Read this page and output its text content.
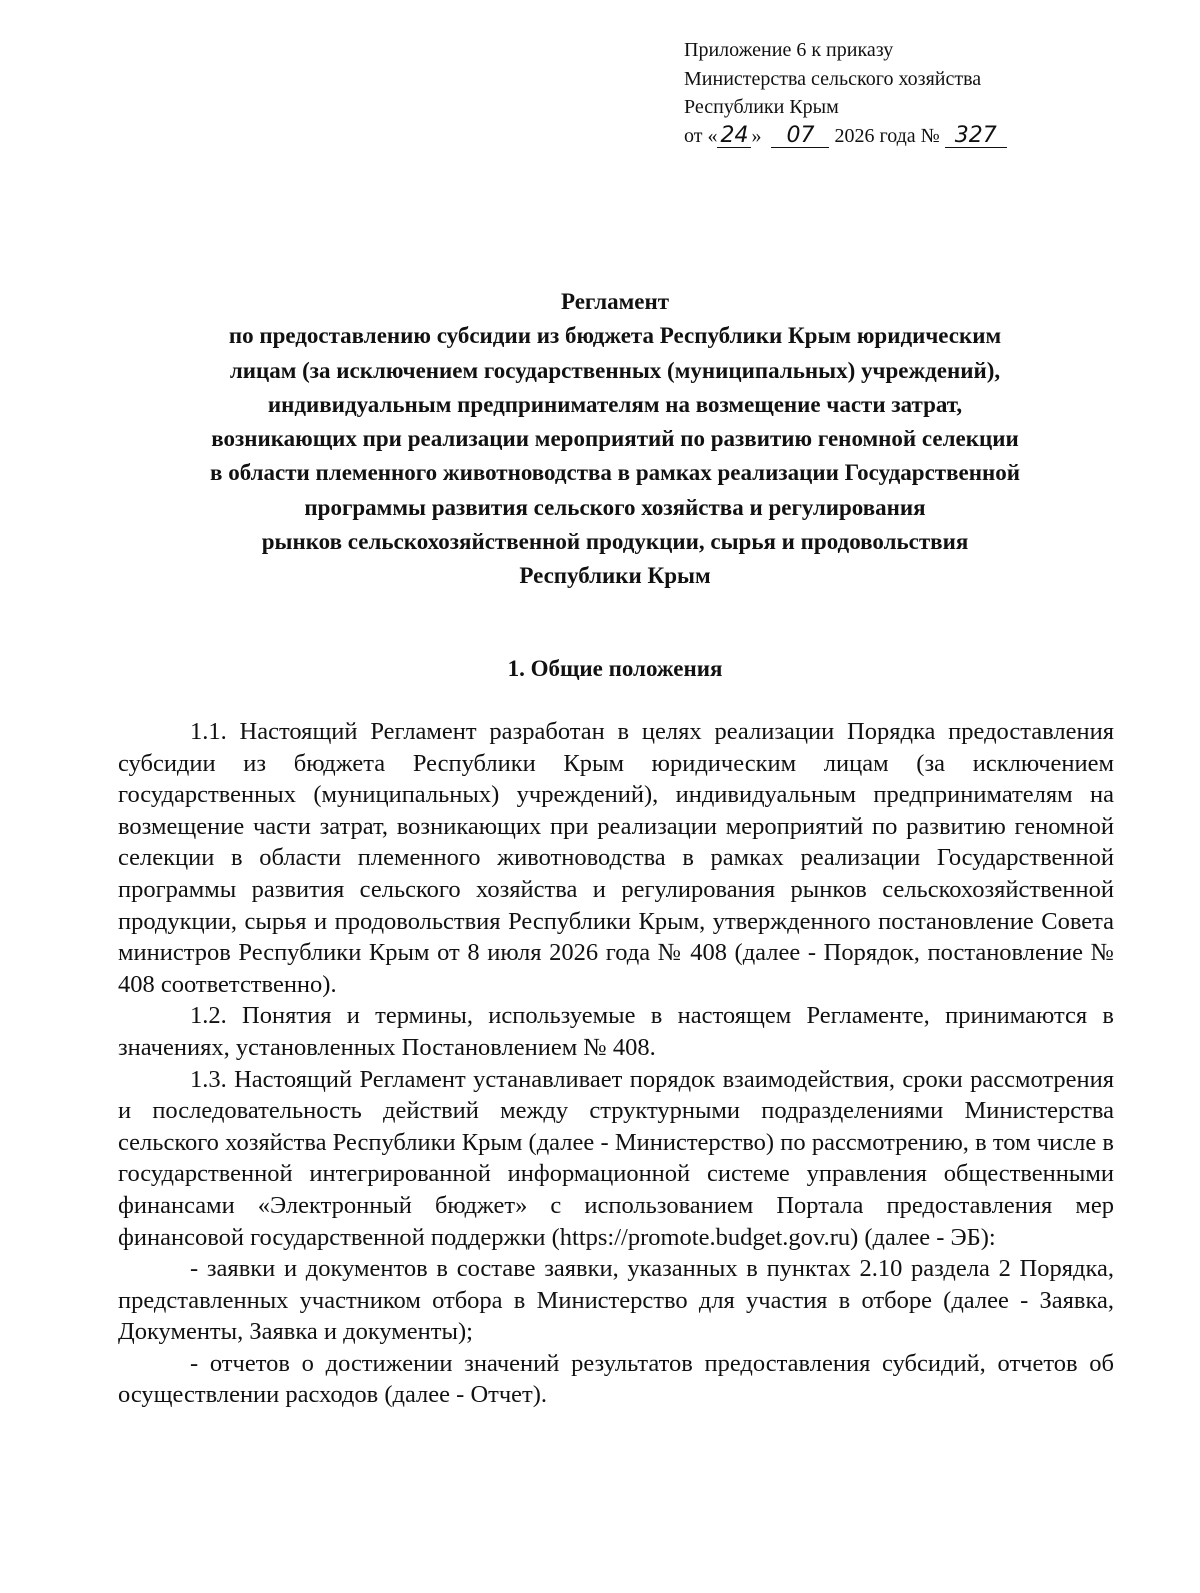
Приложение 6 к приказу
Министерства сельского хозяйства
Республики Крым
от « 24 » 07 2026 года № 327
Регламент
по предоставлению субсидии из бюджета Республики Крым юридическим
лицам (за исключением государственных (муниципальных) учреждений),
индивидуальным предпринимателям на возмещение части затрат,
возникающих при реализации мероприятий по развитию геномной селекции
в области племенного животноводства в рамках реализации Государственной
программы развития сельского хозяйства и регулирования
рынков сельскохозяйственной продукции, сырья и продовольствия
Республики Крым
1. Общие положения

1.1. Настоящий Регламент разработан в целях реализации Порядка предоставления субсидии из бюджета Республики Крым юридическим лицам (за исключением государственных (муниципальных) учреждений), индивидуальным предпринимателям на возмещение части затрат, возникающих при реализации мероприятий по развитию геномной селекции в области племенного животноводства в рамках реализации Государственной программы развития сельского хозяйства и регулирования рынков сельскохозяйственной продукции, сырья и продовольствия Республики Крым, утвержденного постановление Совета министров Республики Крым от 8 июля 2026 года № 408 (далее - Порядок, постановление № 408 соответственно).

1.2. Понятия и термины, используемые в настоящем Регламенте, принимаются в значениях, установленных Постановлением № 408.

1.3. Настоящий Регламент устанавливает порядок взаимодействия, сроки рассмотрения и последовательность действий между структурными подразделениями Министерства сельского хозяйства Республики Крым (далее - Министерство) по рассмотрению, в том числе в государственной интегрированной информационной системе управления общественными финансами «Электронный бюджет» с использованием Портала предоставления мер финансовой государственной поддержки (https://promote.budget.gov.ru) (далее - ЭБ):

- заявки и документов в составе заявки, указанных в пунктах 2.10 раздела 2 Порядка, представленных участником отбора в Министерство для участия в отборе (далее - Заявка, Документы, Заявка и документы);

- отчетов о достижении значений результатов предоставления субсидий, отчетов об осуществлении расходов (далее - Отчет).
